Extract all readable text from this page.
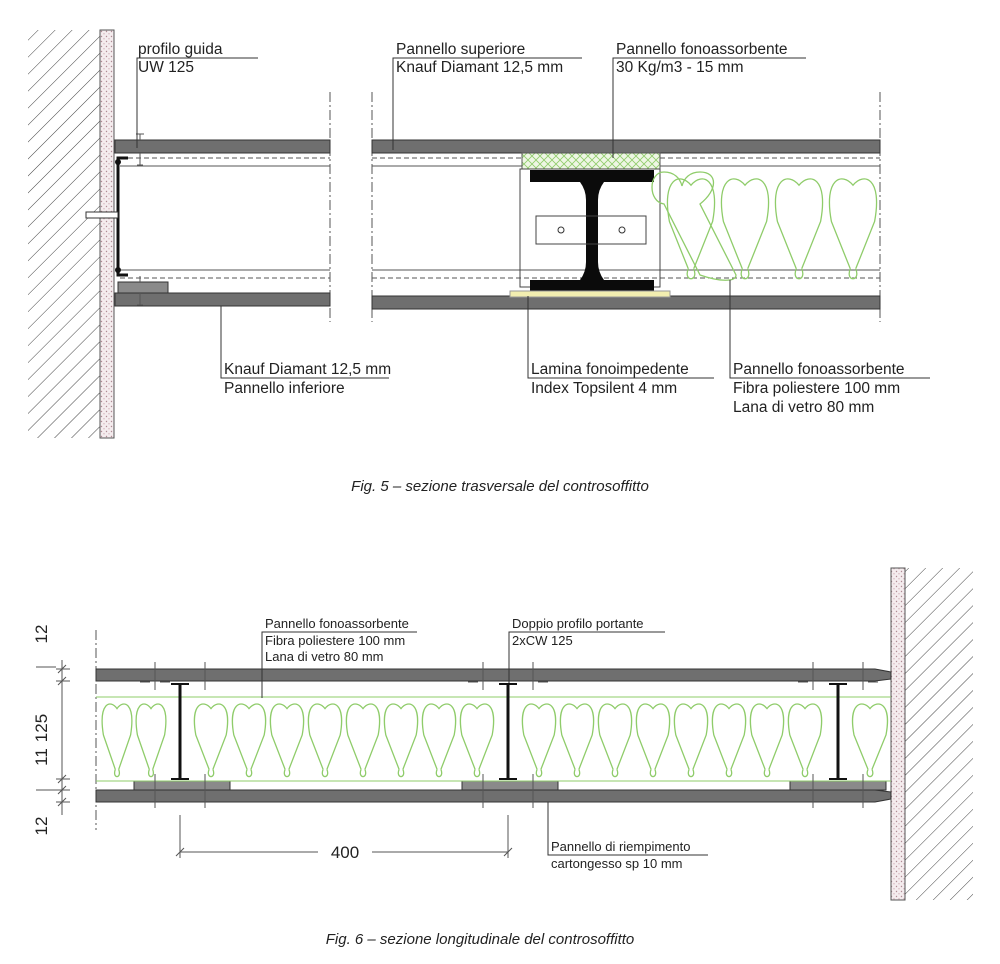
profilo guida
UW 125
Pannello superiore
Knauf Diamant 12,5 mm
Pannello fonoassorbente
30 Kg/m3 - 15 mm
Knauf Diamant 12,5 mm
Pannello inferiore
Lamina fonoimpedente
Index Topsilent 4 mm
Pannello fonoassorbente
Fibra poliestere 100 mm
Lana di vetro 80 mm
Fig. 5 – sezione trasversale del controsoffitto
Pannello fonoassorbente
Fibra poliestere 100 mm
Lana di vetro 80 mm
Doppio profilo portante
2xCW 125
Pannello di riempimento
cartongesso sp 10 mm
400
12
125
11
12
Fig. 6 – sezione longitudinale del controsoffitto
